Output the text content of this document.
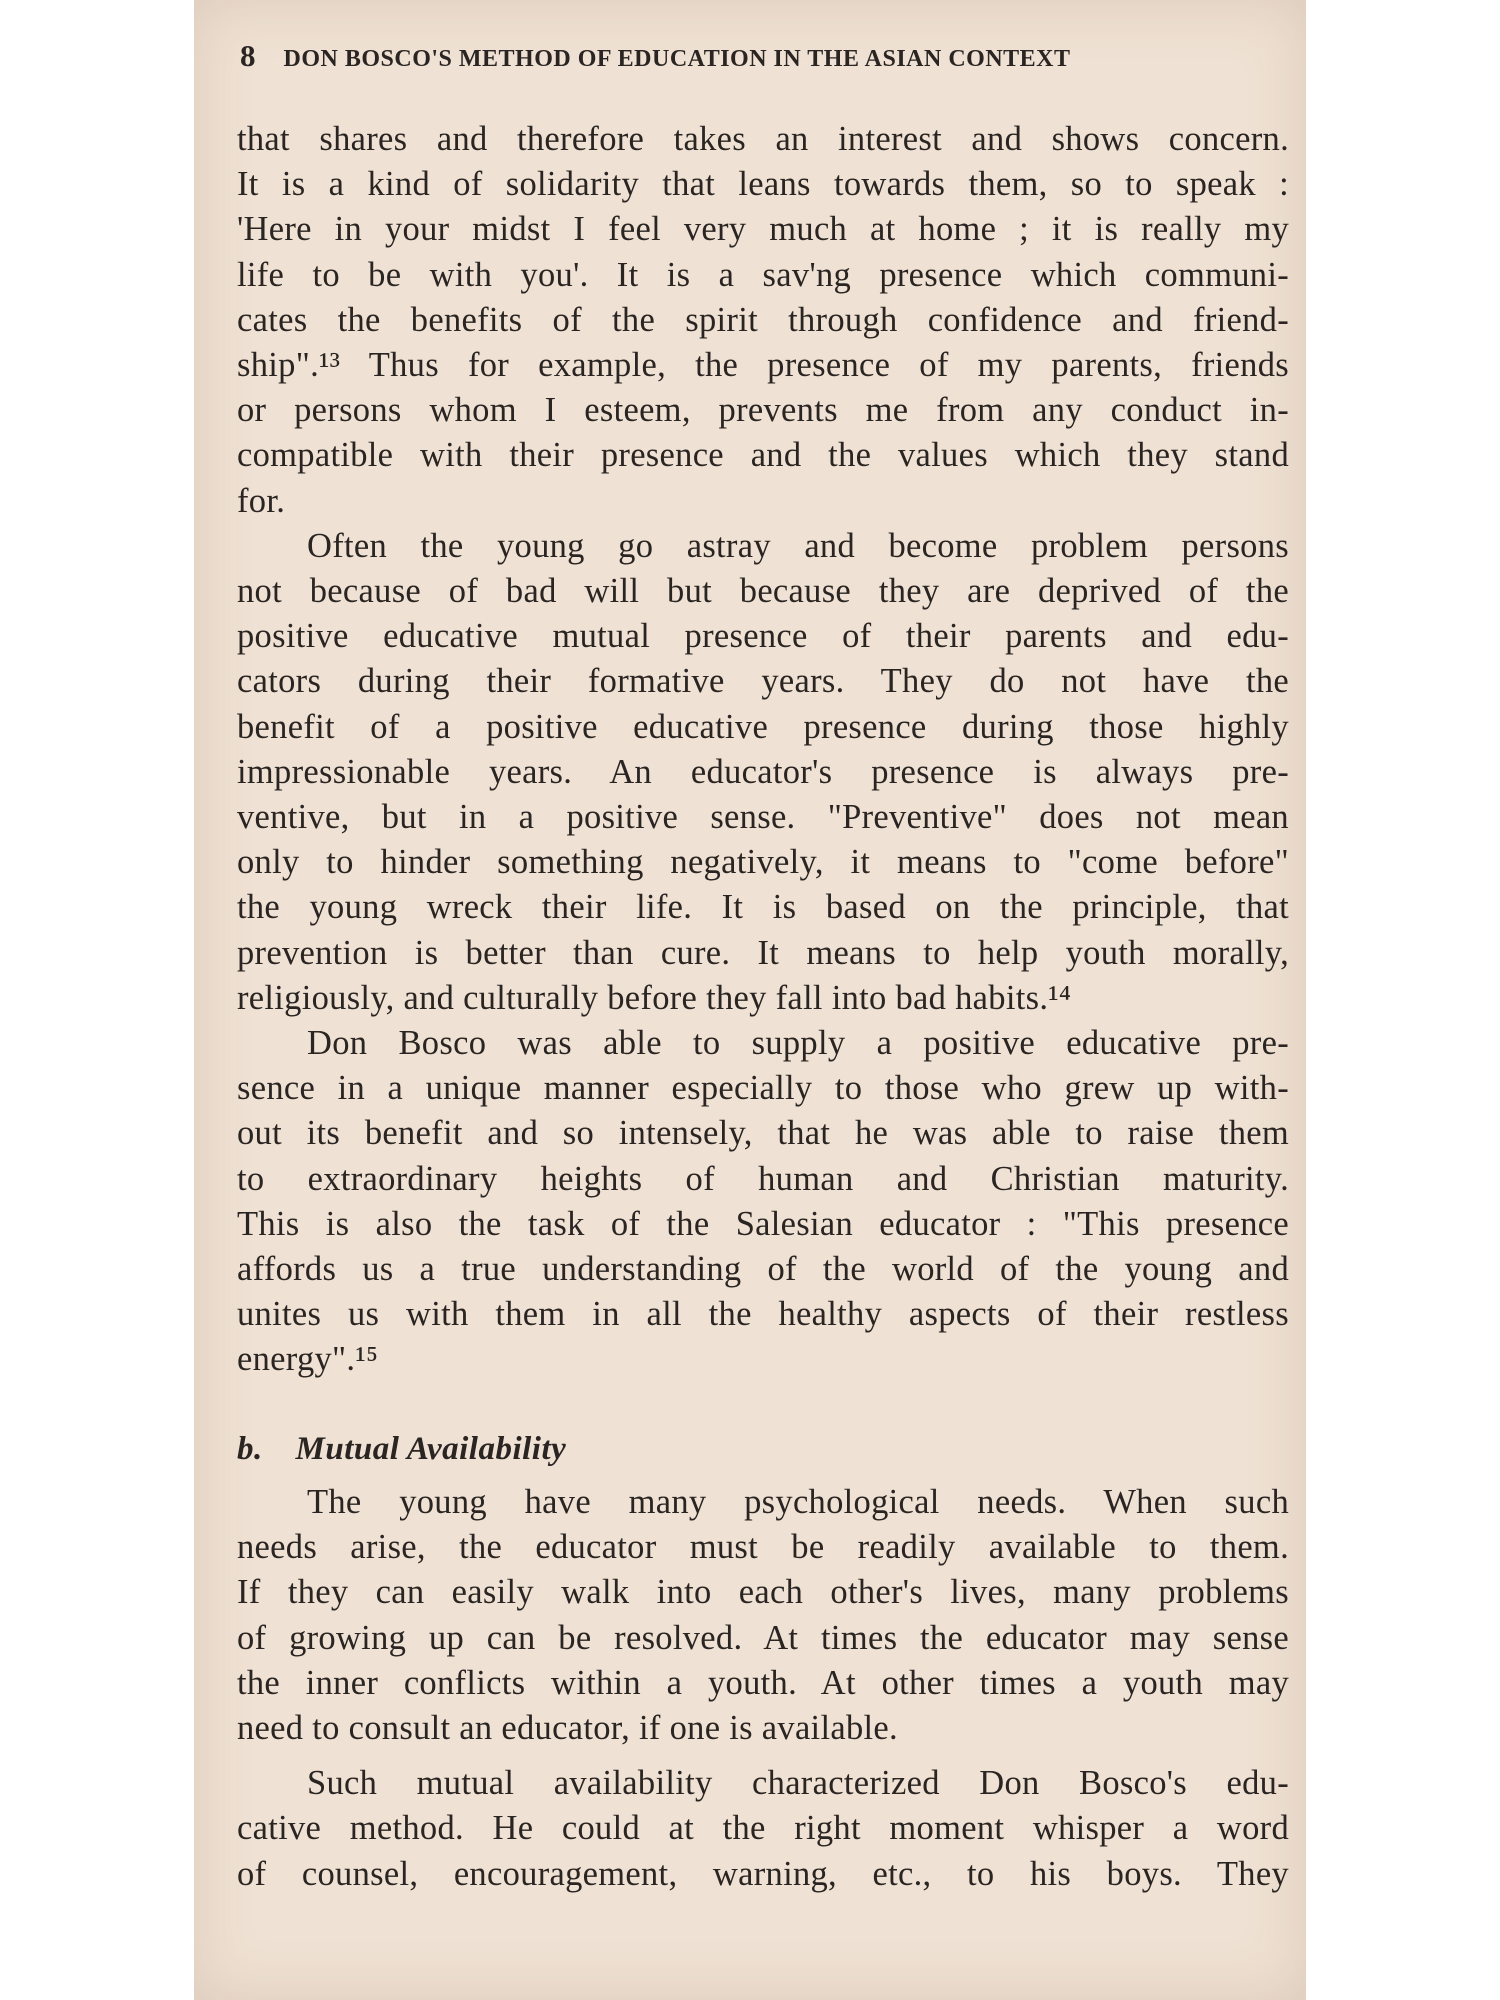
8 DON BOSCO'S METHOD OF EDUCATION IN THE ASIAN CONTEXT

that shares and therefore takes an interest and shows concern.

It is a kind of solidarity that leans towards them, so to speak :

'Here in your midst I feel very much at home ; it is really my

life to be with you'. It is a sav'ng presence which communi-

cates the benefits of the spirit through confidence and friend-

ship".¹³ Thus for example, the presence of my parents, friends

or persons whom I esteem, prevents me from any conduct in-

compatible with their presence and the values which they stand

for.

Often the young go astray and become problem persons

not because of bad will but because they are deprived of the

positive educative mutual presence of their parents and edu-

cators during their formative years. They do not have the

benefit of a positive educative presence during those highly

impressionable years. An educator's presence is always pre-

ventive, but in a positive sense. "Preventive" does not mean

only to hinder something negatively, it means to "come before"

the young wreck their life. It is based on the principle, that

prevention is better than cure. It means to help youth morally,

religiously, and culturally before they fall into bad habits.¹⁴

Don Bosco was able to supply a positive educative pre-

sence in a unique manner especially to those who grew up with-

out its benefit and so intensely, that he was able to raise them

to extraordinary heights of human and Christian maturity.

This is also the task of the Salesian educator : "This presence

affords us a true understanding of the world of the young and

unites us with them in all the healthy aspects of their restless

energy".¹⁵

b. Mutual Availability

The young have many psychological needs. When such

needs arise, the educator must be readily available to them.

If they can easily walk into each other's lives, many problems

of growing up can be resolved. At times the educator may sense

the inner conflicts within a youth. At other times a youth may

need to consult an educator, if one is available.

Such mutual availability characterized Don Bosco's edu-

cative method. He could at the right moment whisper a word

of counsel, encouragement, warning, etc., to his boys. They
